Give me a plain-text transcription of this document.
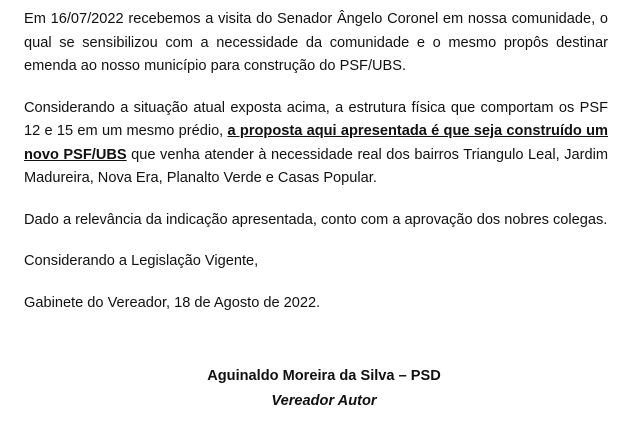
Em 16/07/2022 recebemos a visita do Senador Ângelo Coronel em nossa comunidade, o qual se sensibilizou com a necessidade da comunidade e o mesmo propôs destinar emenda ao nosso município para construção do PSF/UBS.

Considerando a situação atual exposta acima, a estrutura física que comportam os PSF 12 e 15 em um mesmo prédio, a proposta aqui apresentada é que seja construído um novo PSF/UBS que venha atender à necessidade real dos bairros Triangulo Leal, Jardim Madureira, Nova Era, Planalto Verde e Casas Popular.

Dado a relevância da indicação apresentada, conto com a aprovação dos nobres colegas.

Considerando a Legislação Vigente,

Gabinete do Vereador, 18 de Agosto de 2022.

Aguinaldo Moreira da Silva – PSD
Vereador Autor
